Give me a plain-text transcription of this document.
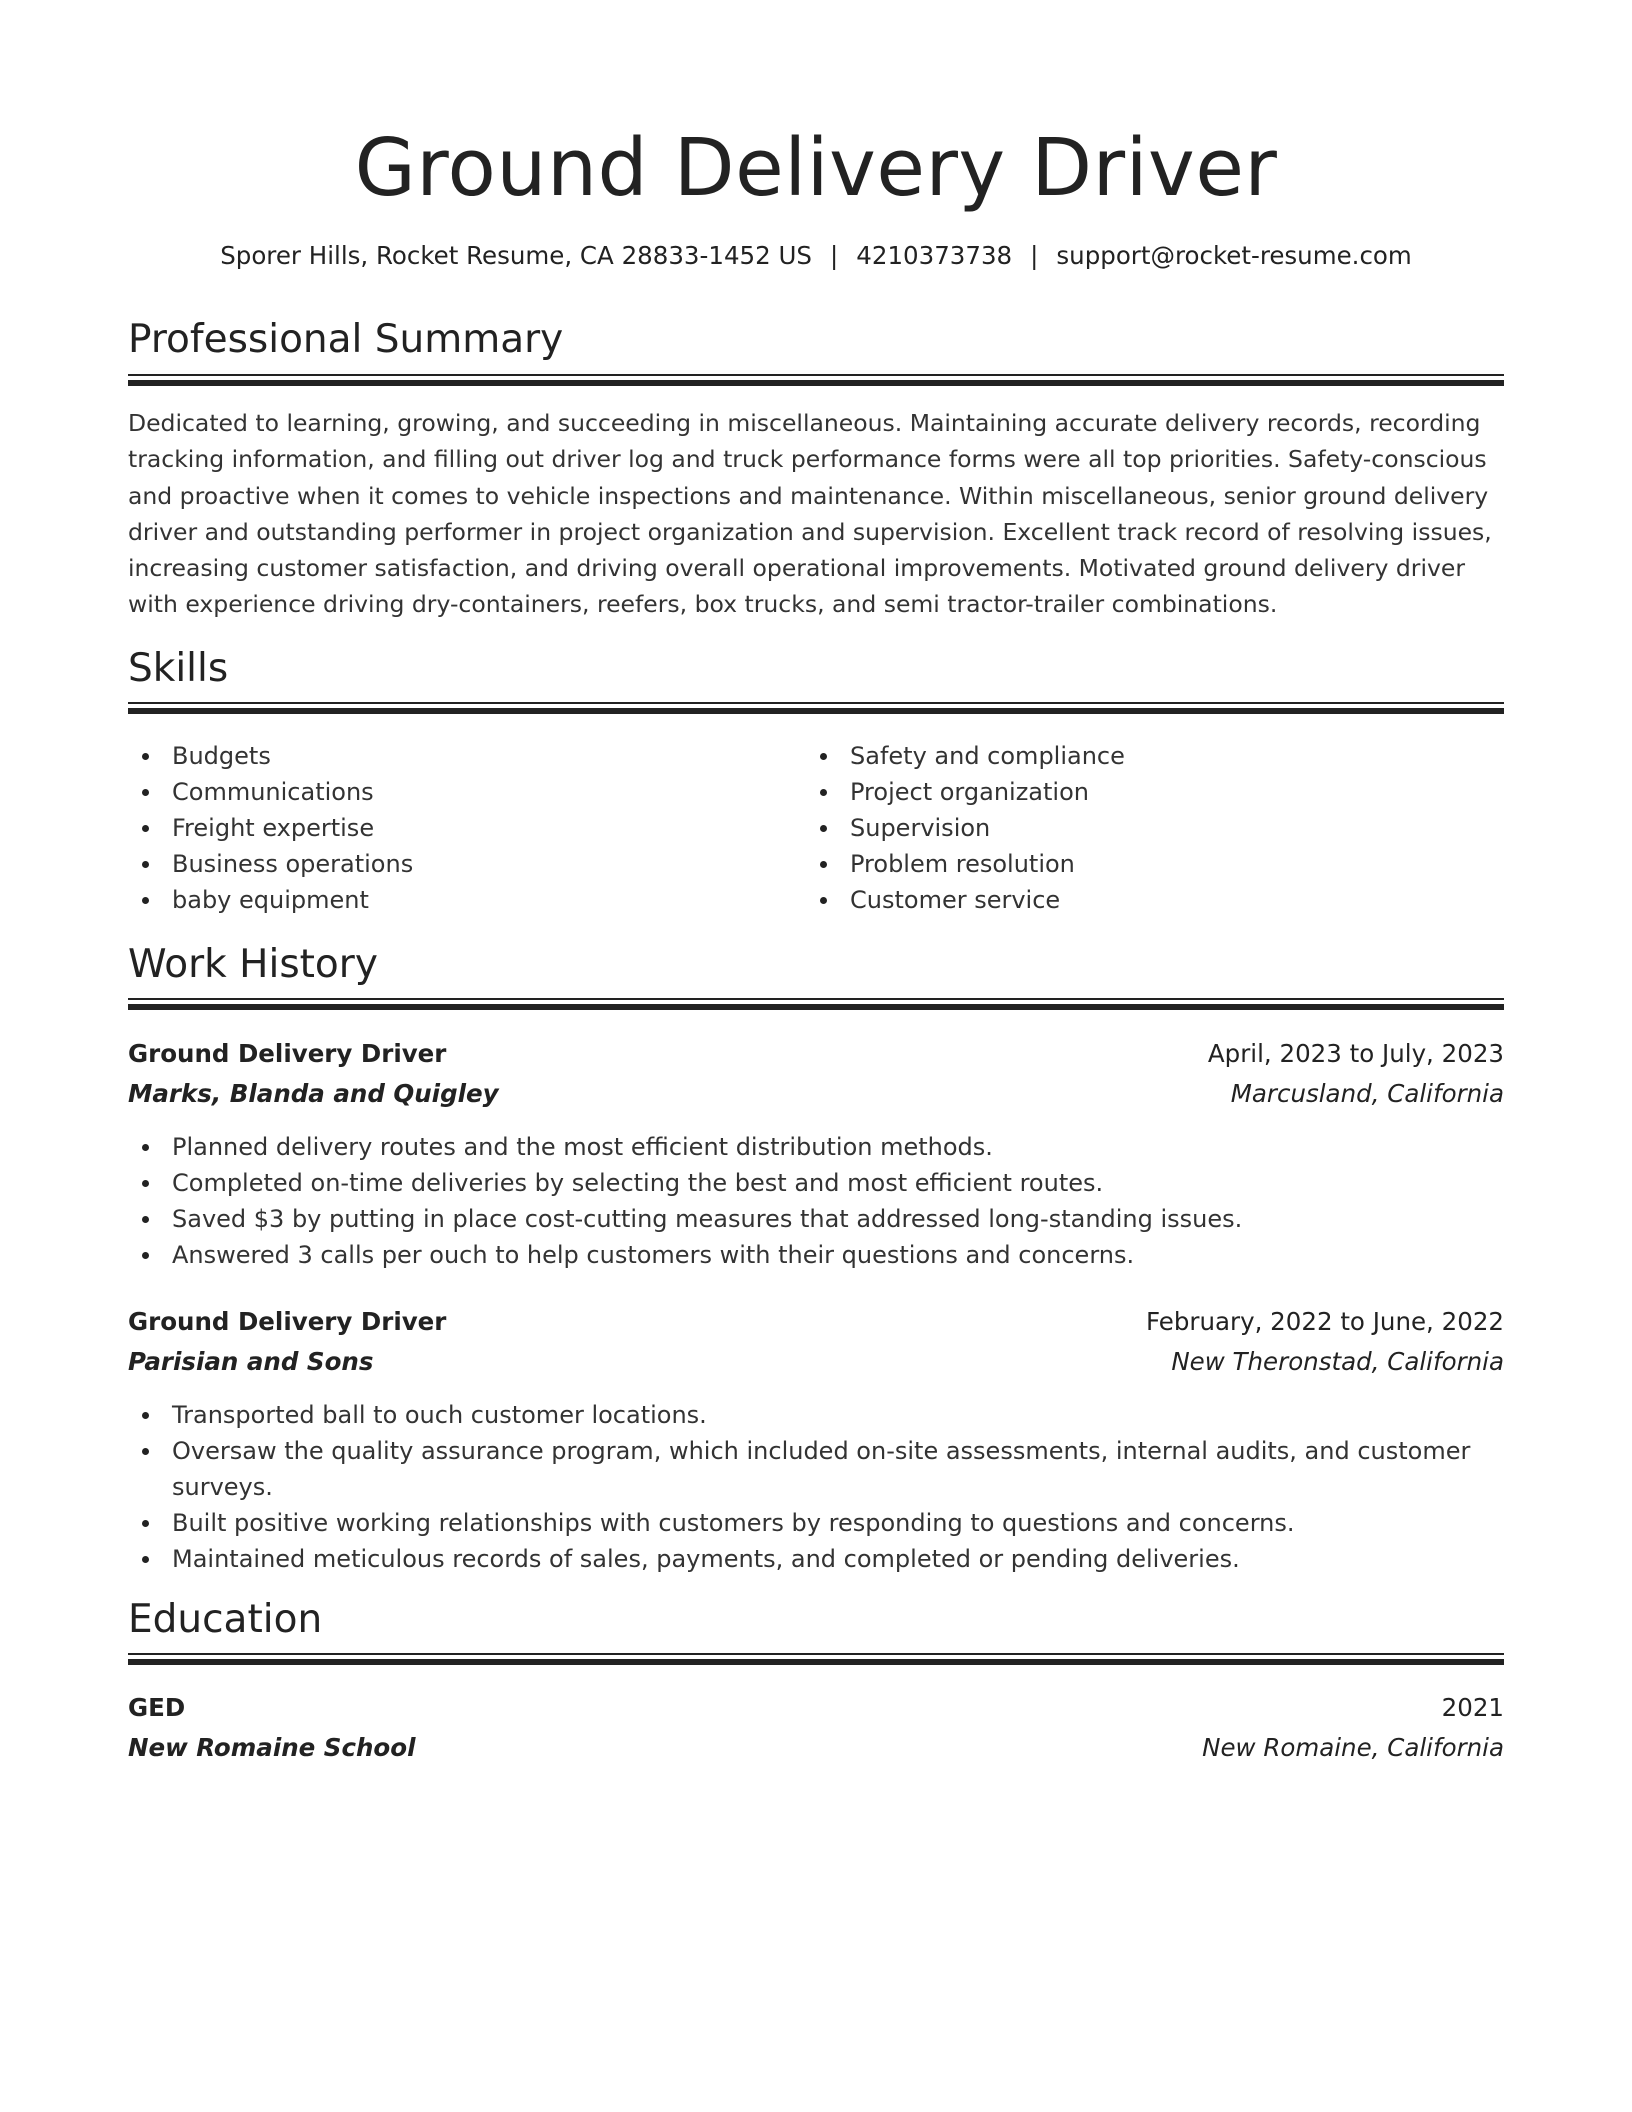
Ground Delivery Driver
Sporer Hills, Rocket Resume, CA 28833-1452 US | 4210373738 | support@rocket-resume.com
Professional Summary

Dedicated to learning, growing, and succeeding in miscellaneous. Maintaining accurate delivery records, recording tracking information, and filling out driver log and truck performance forms were all top priorities. Safety-conscious and proactive when it comes to vehicle inspections and maintenance. Within miscellaneous, senior ground delivery driver and outstanding performer in project organization and supervision. Excellent track record of resolving issues, increasing customer satisfaction, and driving overall operational improvements. Motivated ground delivery driver with experience driving dry-containers, reefers, box trucks, and semi tractor-trailer combinations.

Skills
Budgets
Communications
Freight expertise
Business operations
baby equipment
Safety and compliance
Project organization
Supervision
Problem resolution
Customer service
Work History
Ground Delivery Driver	April, 2023 to July, 2023
Marks, Blanda and Quigley	Marcusland, California
Planned delivery routes and the most efficient distribution methods.
Completed on-time deliveries by selecting the best and most efficient routes.
Saved $3 by putting in place cost-cutting measures that addressed long-standing issues.
Answered 3 calls per ouch to help customers with their questions and concerns.
Ground Delivery Driver	February, 2022 to June, 2022
Parisian and Sons	New Theronstad, California
Transported ball to ouch customer locations.
Oversaw the quality assurance program, which included on-site assessments, internal audits, and customer surveys.
Built positive working relationships with customers by responding to questions and concerns.
Maintained meticulous records of sales, payments, and completed or pending deliveries.
Education
GED	2021
New Romaine School	New Romaine, California
